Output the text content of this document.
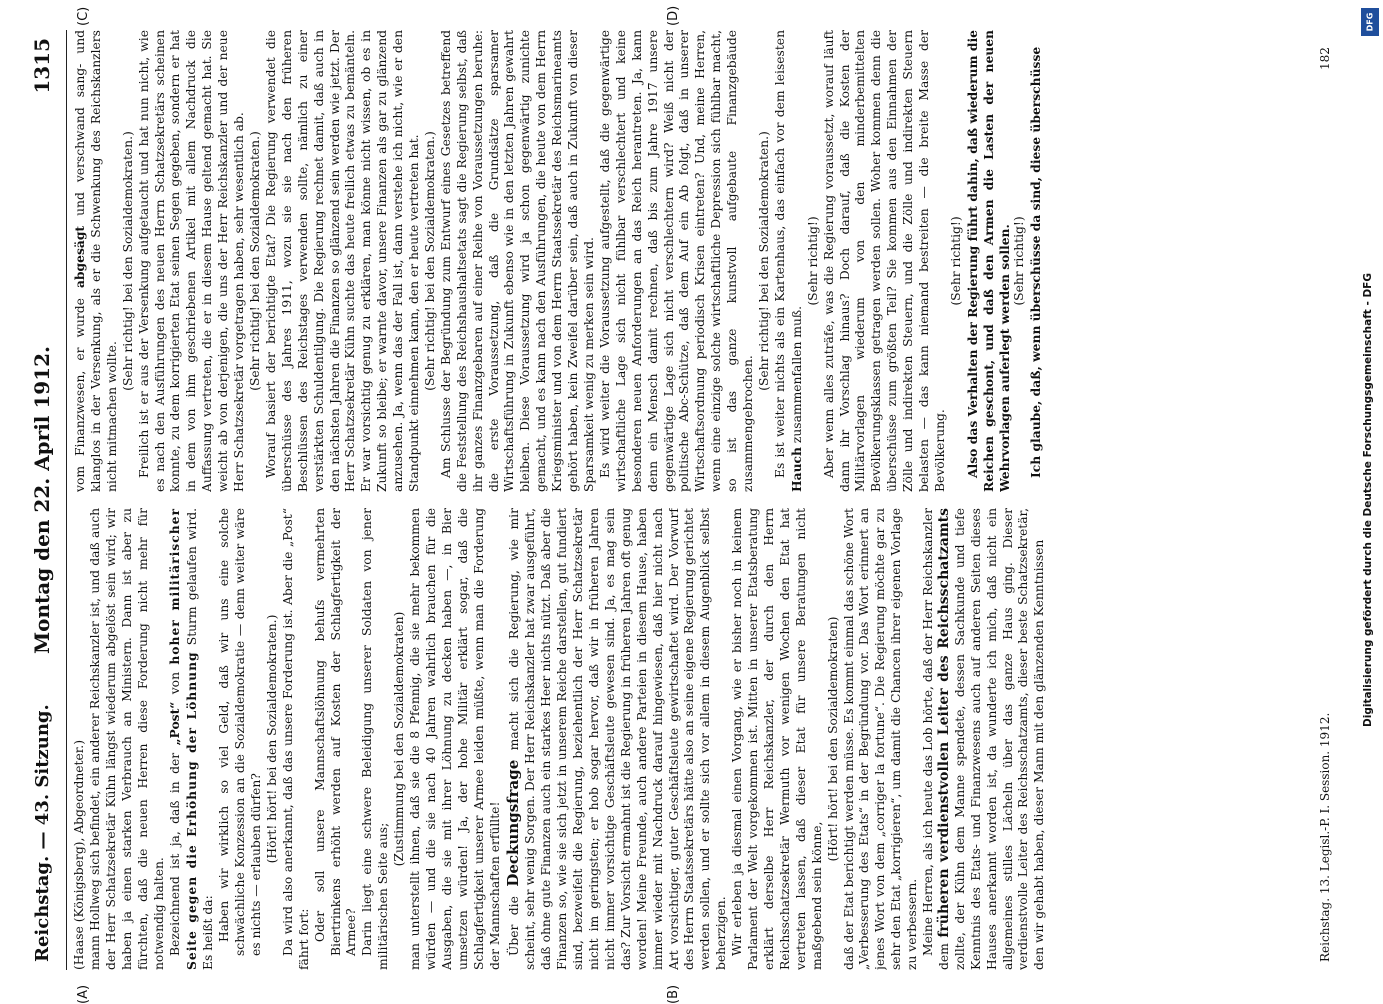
Reichstag. — 43. Sitzung.
Montag den 22. April 1912.
1315
(A)	(B)
(C)	(D)

(Haase (Königsberg), Abgeordneter.) mann Hollweg sich befindet, ein anderer Reichskanzler ist, und daß auch der Herr Schatzsekretär Kühn längst wiederum abgelöst sein wird; wir haben ja einen starken Verbrauch an Ministern. Dann ist aber zu fürchten, daß die neuen Herren diese Forderung nicht mehr für notwendig halten. Bezeichnend ist ja, daß in der „Post“ von hoher militärischer Seite gegen die Erhöhung der Löhnung Sturm gelaufen wird. Es heißt da: Haben wir wirklich so viel Geld, daß wir uns eine solche schwächliche Konzession an die Sozialdemokratie — denn weiter wäre es nichts — erlauben dürfen?

(Hört! hört! bei den Sozialdemokraten.) Da wird also anerkannt, daß das unsere Forderung ist. Aber die „Post“ fährt fort: Oder soll unsere Mannschaftslöhnung behufs vermehrten Biertrinkens erhöht werden auf Kosten der Schlagfertigkeit der Armee? Darin liegt eine schwere Beleidigung unserer Soldaten von jener militärischen Seite aus;

(Zustimmung bei den Sozialdemokraten) man unterstellt ihnen, daß sie die 8 Pfennig, die sie mehr bekommen würden — und die sie nach 40 Jahren wahrlich brauchen für die Ausgaben, die sie mit ihrer Löhnung zu decken haben —, in Bier umsetzen würden! Ja, der hohe Militär erklärt sogar, daß die Schlagfertigkeit unserer Armee leiden müßte, wenn man die Forderung der Mannschaften erfüllte! Über die Deckungsfrage macht sich die Regierung, wie mir scheint, sehr wenig Sorgen. Der Herr Reichskanzler hat zwar ausgeführt, daß ohne gute Finanzen auch ein starkes Heer nichts nützt. Daß aber die Finanzen so, wie sie sich jetzt in unserem Reiche darstellen, gut fundiert sind, bezweifelt die Regierung, beziehentlich der Herr Schatzsekretär nicht im geringsten; er hob sogar hervor, daß wir in früheren Jahren nicht immer vorsichtige Geschäftsleute gewesen sind. Ja, es mag sein das? Zur Vorsicht ermahnt ist die Regierung in früheren Jahren oft genug worden! Meine Freunde, auch andere Parteien in diesem Hause, haben immer wieder mit Nachdruck darauf hingewiesen, daß hier nicht nach Art vorsichtiger, guter Geschäftsleute gewirtschaftet wird. Der Vorwurf des Herrn Staatssekretärs hätte also an seine eigene Regierung gerichtet werden sollen, und er sollte sich vor allem in diesem Augenblick selbst beherzigen. Wir erleben ja diesmal einen Vorgang, wie er bisher noch in keinem Parlament der Welt vorgekommen ist. Mitten in unserer Etatsberatung erklärt derselbe Herr Reichskanzler, der durch den Herrn Reichsschatzsekretär Wermuth vor wenigen Wochen den Etat hat vertreten lassen, daß dieser Etat für unsere Beratungen nicht maßgebend sein könne,

(Hört! hört! bei den Sozialdemokraten) daß der Etat berichtigt werden müsse. Es kommt einmal das schöne Wort „Verbesserung des Etats“ in der Begründung vor. Das Wort erinnert an jenes Wort von dem „corriger la fortune“. Die Regierung möchte gar zu sehr den Etat „korrigieren“, um damit die Chancen ihrer eigenen Vorlage zu verbessern. Meine Herren, als ich heute das Lob hörte, daß der Herr Reichskanzler dem früheren verdienstvollen Leiter des Reichsschatzamts zollte, der Kühn dem Manne spendete, dessen Sachkunde und tiefe Kenntnis des Etats- und Finanzwesens auch auf anderen Seiten dieses Hauses anerkannt worden ist, da wunderte ich mich, daß nicht ein allgemeines stilles Lächeln über das ganze Haus ging. Dieser verdienstvolle Leiter des Reichsschatzamts, dieser beste Schatzsekretär, den wir gehabt haben, dieser Mann mit den glänzenden Kenntnissen

vom Finanzwesen, er wurde abgesägt und verschwand sang- und klanglos in der Versenkung, als er die Schwenkung des Reichskanzlers nicht mitmachen wollte.

(Sehr richtig! bei den Sozialdemokraten.) Freilich ist er aus der Versenkung aufgetaucht und hat nun nicht, wie es nach den Ausführungen des neuen Herrn Schatzsekretärs scheinen konnte, zu dem korrigierten Etat seinen Segen gegeben, sondern er hat in dem von ihm geschriebenen Artikel mit allem Nachdruck die Auffassung vertreten, die er in diesem Hause geltend gemacht hat. Sie weicht ab von derjenigen, die uns der Herr Reichskanzler und der neue Herr Schatzsekretär vorgetragen haben, sehr wesentlich ab. (Sehr richtig! bei den Sozialdemokraten.) Worauf basiert der berichtigte Etat? Die Regierung verwendet die überschüsse des Jahres 1911, wozu sie sie nach den früheren Beschlüssen des Reichstages verwenden sollte, nämlich zu einer verstärkten Schuldentilgung. Die Regierung rechnet damit, daß auch in den nächsten Jahren die Finanzen so glänzend sein werden wie jetzt. Der Herr Schatzsekretär Kühn suchte das heute freilich etwas zu bemänteln. Er war vorsichtig genug zu erklären, man könne nicht wissen, ob es in Zukunft so bleibe; er warnte davor, unsere Finanzen als gar zu glänzend anzusehen. Ja, wenn das der Fall ist, dann verstehe ich nicht, wie er den Standpunkt einnehmen kann, den er heute vertreten hat. (Sehr richtig! bei den Sozialdemokraten.) Am Schlusse der Begründung zum Entwurf eines Gesetzes betreffend die Feststellung des Reichshaushaltsetats sagt die Regierung selbst, daß ihr ganzes Finanzgebaren auf einer Reihe von Voraussetzungen beruhe: die erste Voraussetzung, daß die Grundsätze sparsamer Wirtschaftsführung in Zukunft ebenso wie in den letzten Jahren gewahrt bleiben. Diese Voraussetzung wird ja schon gegenwärtig zunichte gemacht, und es kann nach den Ausführungen, die heute von dem Herrn Kriegsminister und von dem Herrn Staatssekretär des Reichsmarineamts gehört haben, kein Zweifel darüber sein, daß auch in Zukunft von dieser Sparsamkeit wenig zu merken sein wird. Es wird weiter die Voraussetzung aufgestellt, daß die gegenwärtige wirtschaftliche Lage sich nicht fühlbar verschlechtert und keine besonderen neuen Anforderungen an das Reich herantreten. Ja, kann denn ein Mensch damit rechnen, daß bis zum Jahre 1917 unsere gegenwärtige Lage sich nicht verschlechtern wird? Weiß nicht der politische Abc-Schütze, daß dem Auf ein Ab folgt, daß in unserer Wirtschaftsordnung periodisch Krisen eintreten? Und, meine Herren, wenn eine einzige solche wirtschaftliche Depression sich fühlbar macht, so ist das ganze kunstvoll aufgebaute Finanzgebäude zusammengebrochen.

(Sehr richtig! bei den Sozialdemokraten.) Es ist weiter nichts als ein Kartenhaus, das einfach vor dem leisesten Hauch zusammenfallen muß.

(Sehr richtig!) Aber wenn alles zuträfe, was die Regierung voraussetzt, worauf läuft dann ihr Vorschlag hinaus? Doch darauf, daß die Kosten der Militärvorlagen wiederum von den minderbemittelten Bevölkerungsklassen getragen werden sollen. Woher kommen denn die überschüsse zum größten Teil? Sie kommen aus den Einnahmen der Zölle und indirekten Steuern, und die Zölle und indirekten Steuern belasten — das kann niemand bestreiten — die breite Masse der Bevölkerung.

(Sehr richtig!) Also das Verhalten der Regierung führt dahin, daß wiederum die Reichen geschont, und daß den Armen die Lasten der neuen Wehrvorlagen auferlegt werden sollen. (Sehr richtig!) Ich glaube, daß, wenn überschüsse da sind, diese überschüsse

Reichstag. 13. Legisl.-P. I. Session. 1912.
182
Digitalisierung gefördert durch die Deutsche Forschungsgemeinschaft - DFG
DFG
